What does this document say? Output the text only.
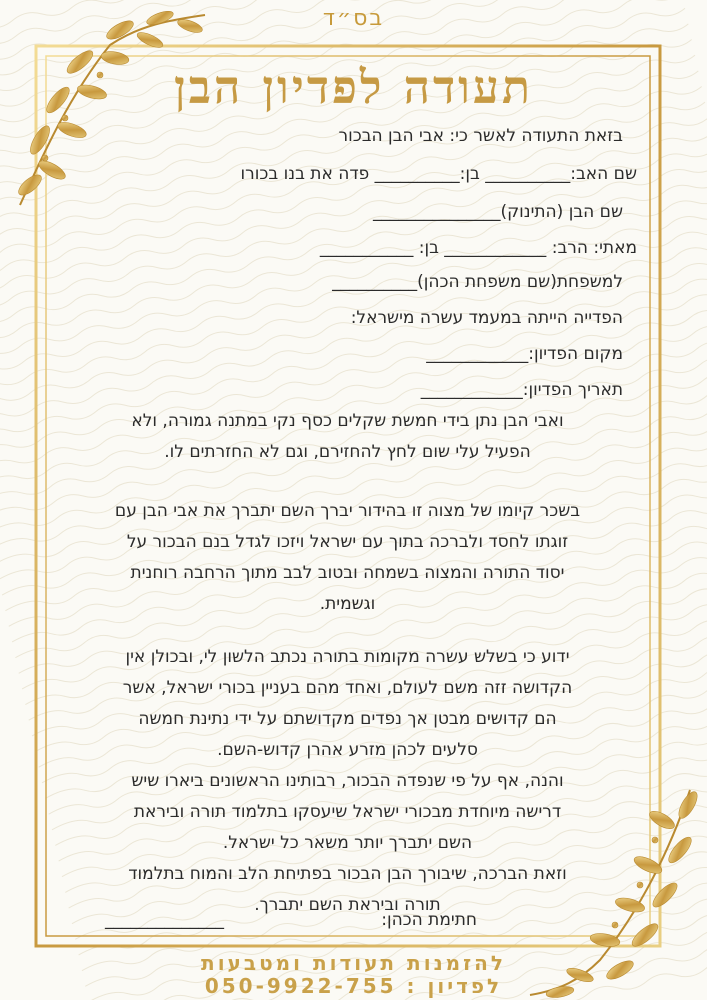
בס״ד
תעודה לפדיון הבן
בזאת התעודה לאשר כי: אבי הבן הבכור
שם האב:__________ בן:__________ פדה את בנו בכורו
שם הבן (התינוק)_______________
מאתי: הרב: ____________ בן: ___________
למשפחת(שם משפחת הכהן)__________
הפדייה הייתה במעמד עשרה מישראל:
מקום הפדיון:____________
תאריך הפדיון:____________
ואבי הבן נתן בידי חמשת שקלים כסף נקי במתנה גמורה, ולא
הפעיל עלי שום לחץ להחזירם, וגם לא החזרתים לו.
בשכר קיומו של מצוה זו בהידור יברך השם יתברך את אבי הבן עם
זוגתו לחסד ולברכה בתוך עם ישראל ויזכו לגדל בנם הבכור על
יסוד התורה והמצוה בשמחה ובטוב לבב מתוך הרחבה רוחנית
וגשמית.
ידוע כי בשלש עשרה מקומות בתורה נכתב הלשון לי, ובכולן אין
הקדושה זזה משם לעולם, ואחד מהם בעניין בכורי ישראל, אשר
הם קדושים מבטן אך נפדים מקדושתם על ידי נתינת חמשה
סלעים לכהן מזרע אהרן קדוש-השם.
והנה, אף על פי שנפדה הבכור, רבותינו הראשונים ביארו שיש
דרישה מיוחדת מבכורי ישראל שיעסקו בתלמוד תורה וביראת
השם יתברך יותר משאר כל ישראל.
וזאת הברכה, שיבורך הבן הבכור בפתיחת הלב והמוח בתלמוד
תורה וביראת השם יתברך.
חתימת הכהן:
______________
להזמנות תעודות ומטבעות
לפדיון : 050-9922-755
